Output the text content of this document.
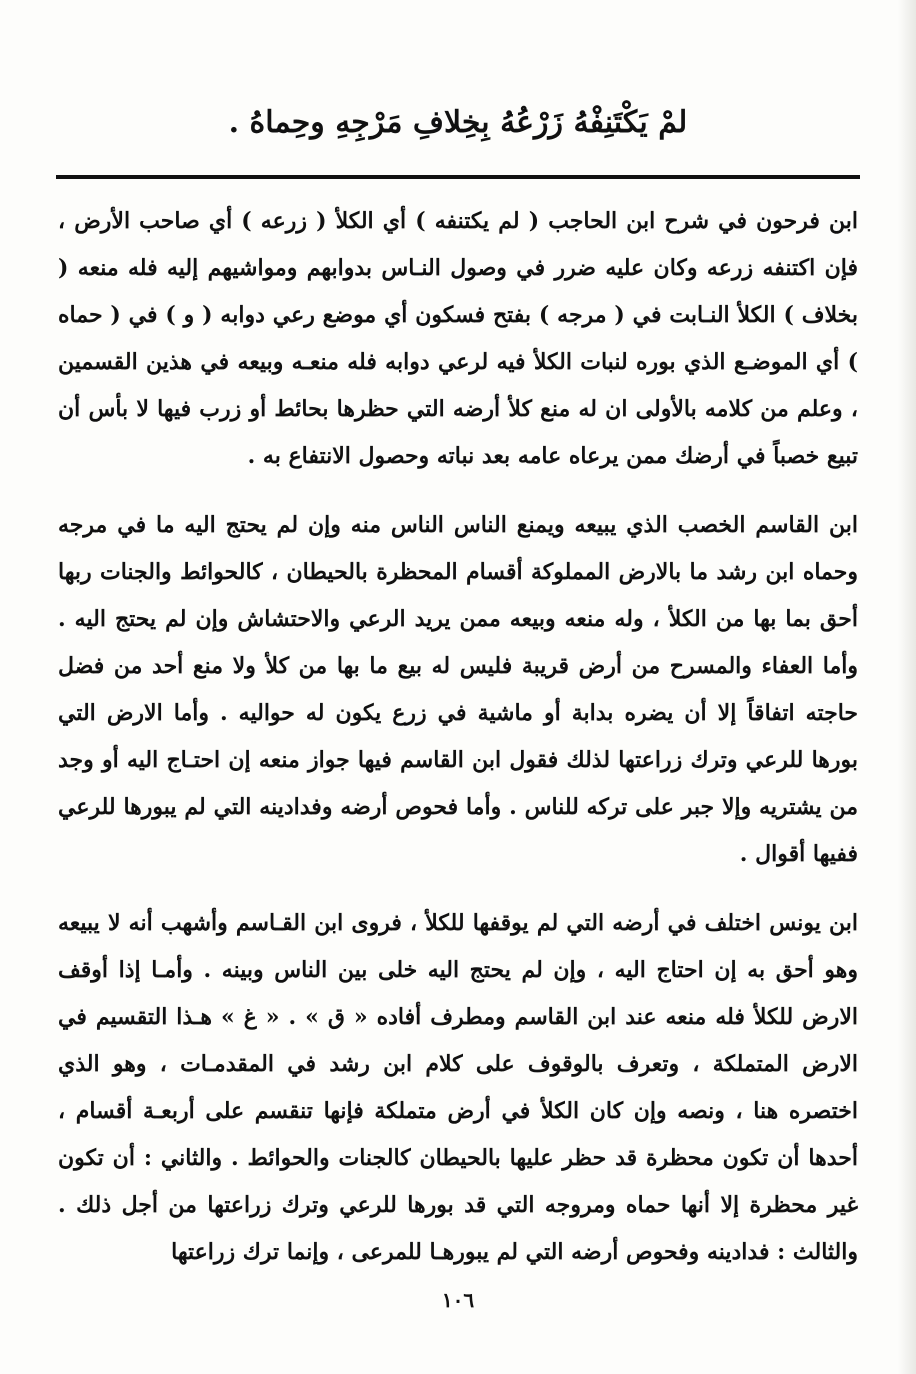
لمْ يَكْتَنِفْهُ زَرْعُهُ بِخِلافِ مَرْجِهِ وحِماهُ .

ابن فرحون في شرح ابن الحاجب ( لم يكتنفه ) أي الكلأ ( زرعه ) أي صاحب الأرض ، فإن اكتنفه زرعه وكان عليه ضرر في وصول النـاس بدوابهم ومواشيهم إليه فله منعه ( بخلاف ) الكلأ النـابت في ( مرجه ) بفتح فسكون أي موضع رعي دوابه ( و ) في ( حماه ) أي الموضـع الذي بوره لنبات الكلأ فيه لرعي دوابه فله منعـه وبيعه في هذين القسمين ، وعلم من كلامه بالأولى ان له منع كلأ أرضه التي حظرها بحائط أو زرب فيها لا بأس أن تبيع خصباً في أرضك ممن يرعاه عامه بعد نباته وحصول الانتفاع به .

ابن القاسم الخصب الذي يبيعه ويمنع الناس الناس منه وإن لم يحتج اليه ما في مرجه وحماه ابن رشد ما بالارض المملوكة أقسام المحظرة بالحيطان ، كالحوائط والجنات ربها أحق بما بها من الكلأ ، وله منعه وبيعه ممن يريد الرعي والاحتشاش وإن لم يحتج اليه . وأما العفاء والمسرح من أرض قريبة فليس له بيع ما بها من كلأ ولا منع أحد من فضل حاجته اتفاقاً إلا أن يضره بدابة أو ماشية في زرع يكون له حواليه . وأما الارض التي بورها للرعي وترك زراعتها لذلك فقول ابن القاسم فيها جواز منعه إن احتـاج اليه أو وجد من يشتريه وإلا جبر على تركه للناس . وأما فحوص أرضه وفدادينه التي لم يبورها للرعي ففيها أقوال .

ابن يونس اختلف في أرضه التي لم يوقفها للكلأ ، فروى ابن القـاسم وأشهب أنه لا يبيعه وهو أحق به إن احتاج اليه ، وإن لم يحتج اليه خلى بين الناس وبينه . وأمـا إذا أوقف الارض للكلأ فله منعه عند ابن القاسم ومطرف أفاده « ق » . « غ » هـذا التقسيم في الارض المتملكة ، وتعرف بالوقوف على كلام ابن رشد في المقدمـات ، وهو الذي اختصره هنا ، ونصه وإن كان الكلأ في أرض متملكة فإنها تنقسم على أربعـة أقسام ، أحدها أن تكون محظرة قد حظر عليها بالحيطان كالجنات والحوائط . والثاني : أن تكون غير محظرة إلا أنها حماه ومروجه التي قد بورها للرعي وترك زراعتها من أجل ذلك . والثالث : فدادينه وفحوص أرضه التي لم يبورهـا للمرعى ، وإنما ترك زراعتها

١٠٦
